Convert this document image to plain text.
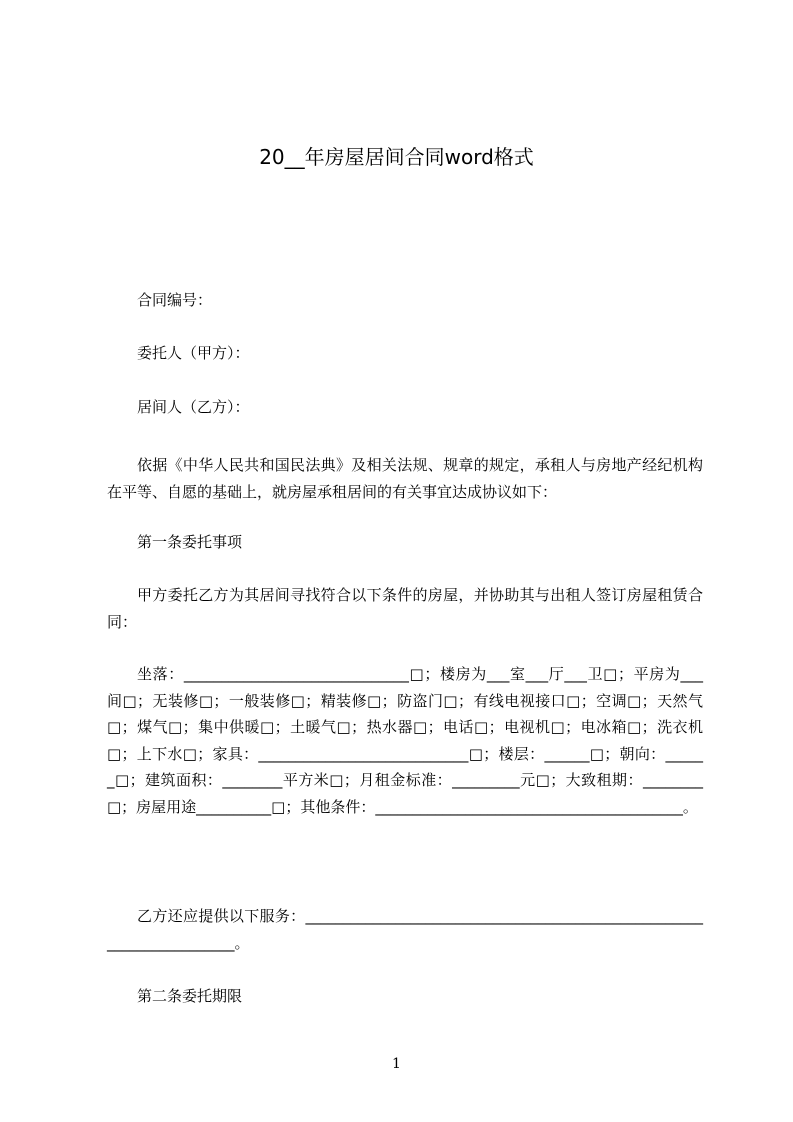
20__年房屋居间合同word格式
合同编号：
委托人（甲方）：
居间人（乙方）：
依据《中华人民共和国民法典》及相关法规、规章的规定，承租人与房地产经纪机构在平等、自愿的基础上，就房屋承租居间的有关事宜达成协议如下：
第一条委托事项
甲方委托乙方为其居间寻找符合以下条件的房屋，并协助其与出租人签订房屋租赁合同：
坐落：______________________________□；楼房为___室___厅___卫□；平房为___间□；无装修□；一般装修□；精装修□；防盗门□；有线电视接口□；空调□；天然气□；煤气□；集中供暖□；土暖气□；热水器□；电话□；电视机□；电冰箱□；洗衣机□；上下水□；家具：____________________________□；楼层：______□；朝向：______□；建筑面积：________平方米□；月租金标准：_________元□；大致租期：________□；房屋用途__________□；其他条件：_________________________________________。
乙方还应提供以下服务：______________________________________________________________________。
第二条委托期限
1
